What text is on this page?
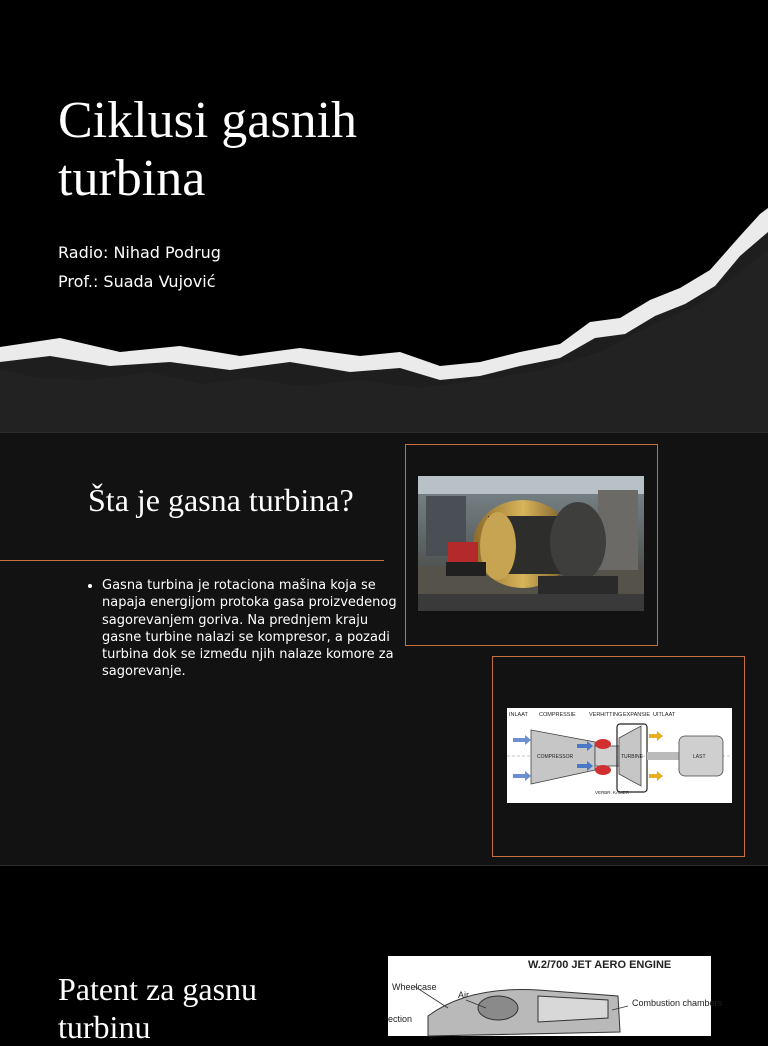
Ciklusi gasnih turbina
Radio: Nihad Podrug
Prof.: Suada Vujović
Šta je gasna turbina?
• Gasna turbina je rotaciona mašina koja se napaja energijom protoka gasa proizvedenog sagorevanjem goriva. Na prednjem kraju gasne turbine nalazi se kompresor, a pozadi turbina dok se između njih nalaze komore za sagorevanje.
INLAAT COMPRESSIE VERHITTING EXPANSIE UITLAAT
COMPRESSOR	TURBINE	LAST
VERBR. KAMER
Patent za gasnu turbinu
W.2/700 JET AERO ENGINE
Wheelcase
Air
Combustion chambers
ection
